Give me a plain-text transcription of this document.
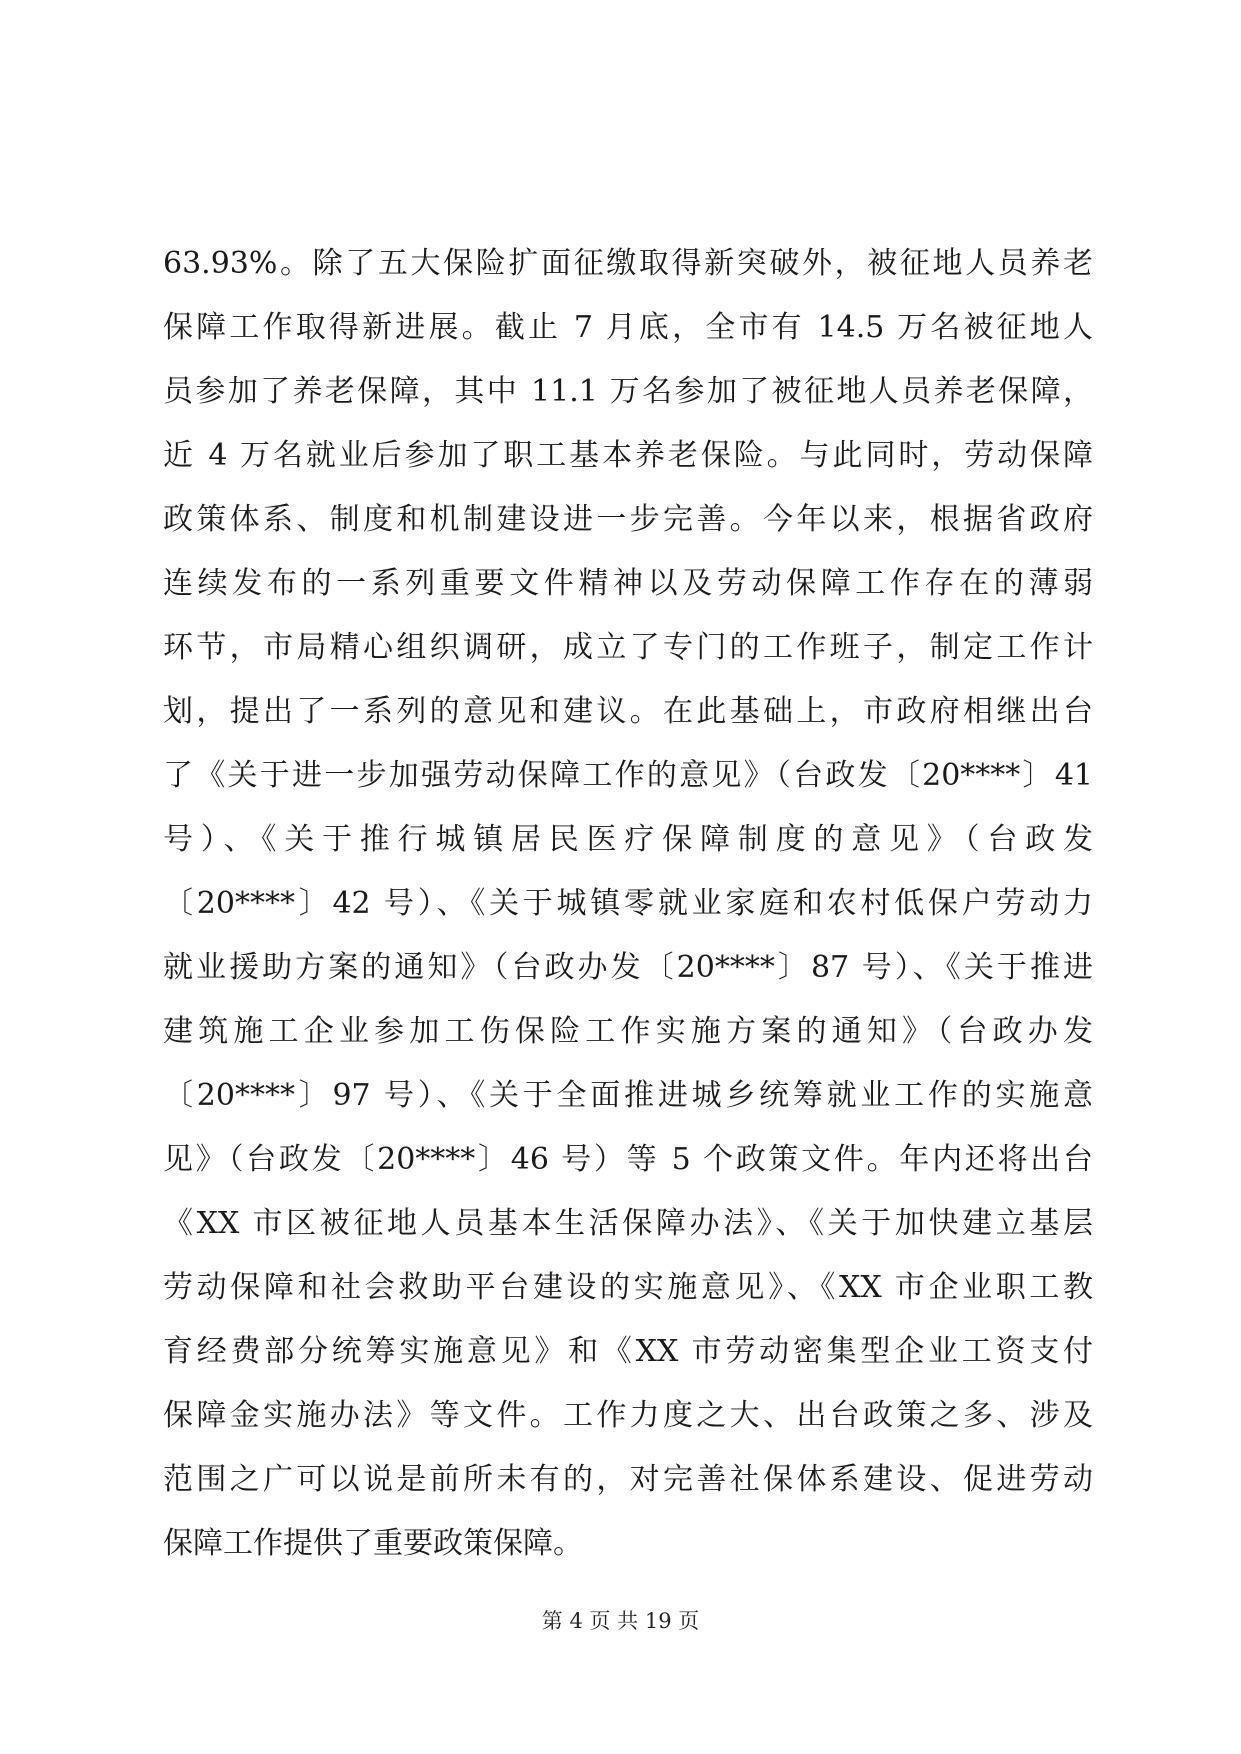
63.93%。除了五大保险扩面征缴取得新突破外，被征地人员养老
保障工作取得新进展。截止 7 月底，全市有 14.5 万名被征地人
员参加了养老保障，其中 11.1 万名参加了被征地人员养老保障，
近 4 万名就业后参加了职工基本养老保险。与此同时，劳动保障
政策体系、制度和机制建设进一步完善。今年以来，根据省政府
连续发布的一系列重要文件精神以及劳动保障工作存在的薄弱
环节，市局精心组织调研，成立了专门的工作班子，制定工作计
划，提出了一系列的意见和建议。在此基础上，市政府相继出台
了《关于进一步加强劳动保障工作的意见》（台政发〔20****〕41
号）、《关于推行城镇居民医疗保障制度的意见》（台政发
〔20****〕42 号）、《关于城镇零就业家庭和农村低保户劳动力
就业援助方案的通知》（台政办发〔20****〕87 号）、《关于推进
建筑施工企业参加工伤保险工作实施方案的通知》（台政办发
〔20****〕97 号）、《关于全面推进城乡统筹就业工作的实施意
见》（台政发〔20****〕46 号）等 5 个政策文件。年内还将出台
《XX 市区被征地人员基本生活保障办法》、《关于加快建立基层
劳动保障和社会救助平台建设的实施意见》、《XX 市企业职工教
育经费部分统筹实施意见》和《XX 市劳动密集型企业工资支付
保障金实施办法》等文件。工作力度之大、出台政策之多、涉及
范围之广可以说是前所未有的，对完善社保体系建设、促进劳动
保障工作提供了重要政策保障。
第 4 页 共 19 页
